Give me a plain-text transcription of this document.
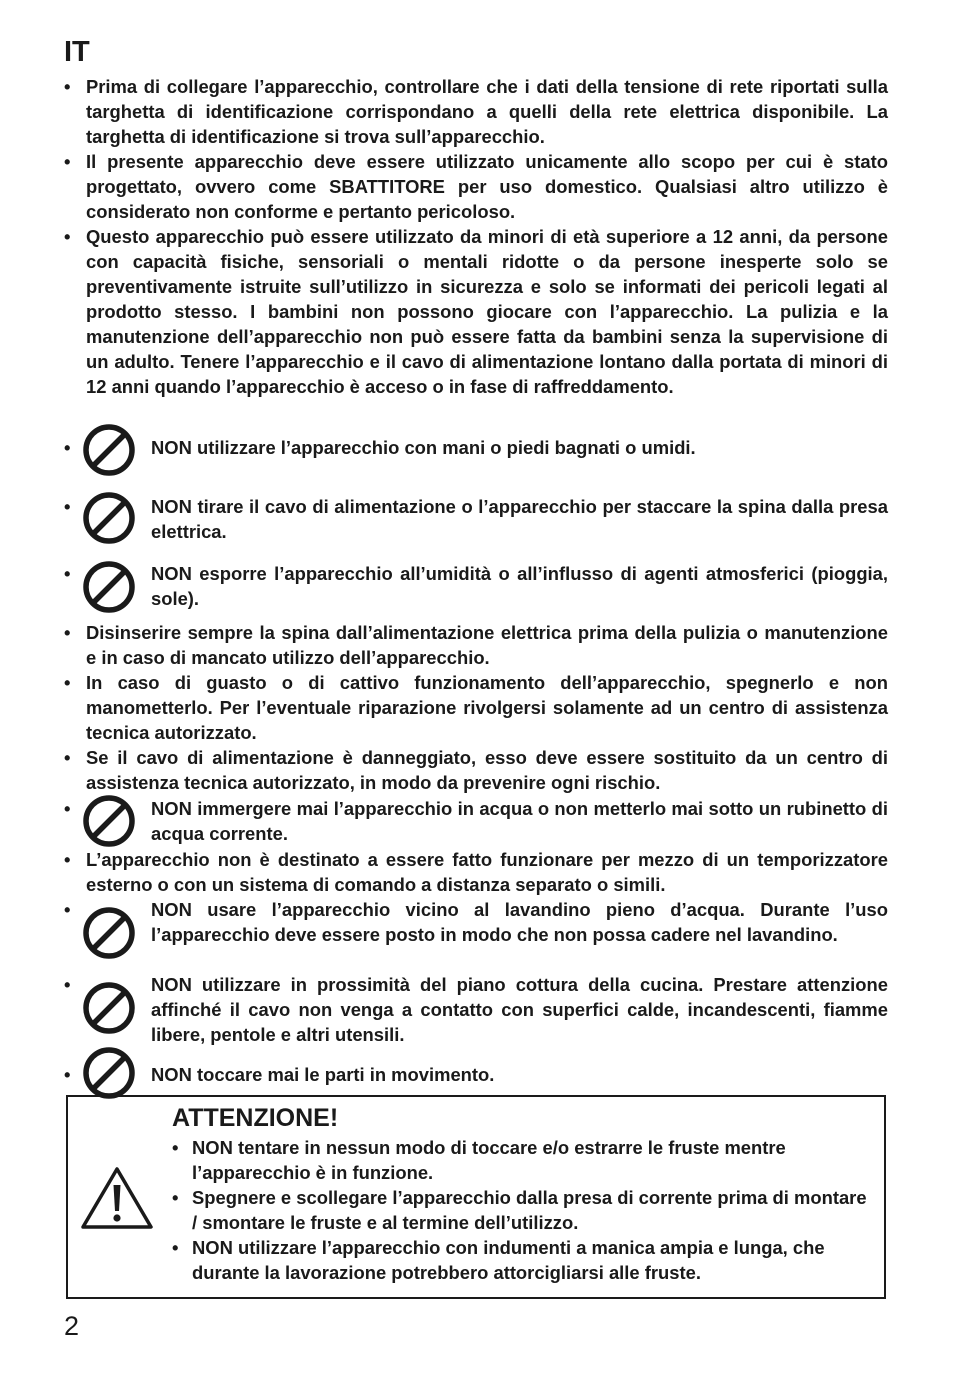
IT
• Prima di collegare l’apparecchio, controllare che i dati della tensione di rete riportati sulla targhetta di identificazione corrispondano a quelli della rete elettrica disponibile. La targhetta di identificazione si trova sull’apparecchio.
• Il presente apparecchio deve essere utilizzato unicamente allo scopo per cui è stato progettato, ovvero come SBATTITORE per uso domestico. Qualsiasi altro utilizzo è considerato non conforme e pertanto pericoloso.
• Questo apparecchio può essere utilizzato da minori di età superiore a 12 anni, da persone con capacità fisiche, sensoriali o mentali ridotte o da persone inesperte solo se preventivamente istruite sull’utilizzo in sicurezza e solo se informati dei pericoli legati al prodotto stesso. I bambini non possono giocare con l’apparecchio. La pulizia e la manutenzione dell’apparecchio non può essere fatta da bambini senza la supervisione di un adulto. Tenere l’apparecchio e il cavo di alimentazione lontano dalla portata di minori di 12 anni quando l’apparecchio è acceso o in fase di raffreddamento.
•	NON utilizzare l’apparecchio con mani o piedi bagnati o umidi.
•	NON tirare il cavo di alimentazione o l’apparecchio per staccare la spina dalla presa elettrica.
•	NON esporre l’apparecchio all’umidità o all’influsso di agenti atmosferici (pioggia, sole).
• Disinserire sempre la spina dall’alimentazione elettrica prima della pulizia o manutenzione e in caso di mancato utilizzo dell’apparecchio.
• In caso di guasto o di cattivo funzionamento dell’apparecchio, spegnerlo e non manometterlo. Per l’eventuale riparazione rivolgersi solamente ad un centro di assistenza tecnica autorizzato.
• Se il cavo di alimentazione è danneggiato, esso deve essere sostituito da un centro di assistenza tecnica autorizzato, in modo da prevenire ogni rischio.
•	NON immergere mai l’apparecchio in acqua o non metterlo mai sotto un rubinetto di acqua corrente.
• L’apparecchio non è destinato a essere fatto funzionare per mezzo di un temporizzatore esterno o con un sistema di comando a distanza separato o simili.
•	NON usare l’apparecchio vicino al lavandino pieno d’acqua. Durante l’uso l’apparecchio deve essere posto in modo che non possa cadere nel lavandino.
•	NON utilizzare in prossimità del piano cottura della cucina. Prestare attenzione affinché il cavo non venga a contatto con superfici calde, incandescenti, fiamme libere, pentole e altri utensili.
•	NON toccare mai le parti in movimento.
ATTENZIONE!
• NON tentare in nessun modo di toccare e/o estrarre le fruste mentre l’apparecchio è in funzione.
• Spegnere e scollegare l’apparecchio dalla presa di corrente prima di montare / smontare le fruste e al termine dell’utilizzo.
• NON utilizzare l’apparecchio con indumenti a manica ampia e lunga, che durante la lavorazione potrebbero attorcigliarsi alle fruste.
2
